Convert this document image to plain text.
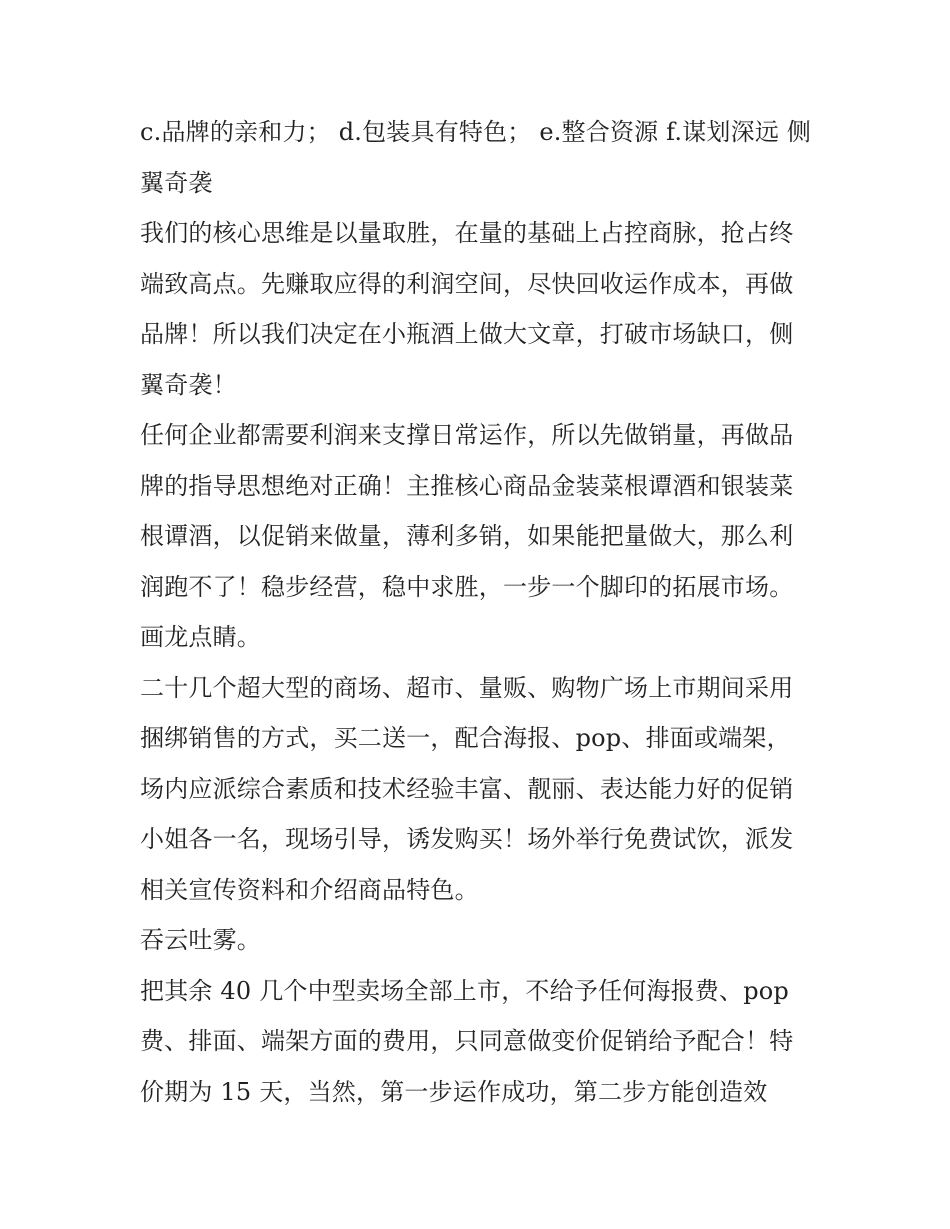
c.品牌的亲和力； d.包装具有特色； e.整合资源 f.谋划深远 侧
翼奇袭
我们的核心思维是以量取胜，在量的基础上占控商脉，抢占终
端致高点。先赚取应得的利润空间，尽快回收运作成本，再做
品牌！所以我们决定在小瓶酒上做大文章，打破市场缺口，侧
翼奇袭！
任何企业都需要利润来支撑日常运作，所以先做销量，再做品
牌的指导思想绝对正确！主推核心商品金装菜根谭酒和银装菜
根谭酒，以促销来做量，薄利多销，如果能把量做大，那么利
润跑不了！稳步经营，稳中求胜，一步一个脚印的拓展市场。
画龙点睛。
二十几个超大型的商场、超市、量贩、购物广场上市期间采用
捆绑销售的方式，买二送一，配合海报、pop、排面或端架，
场内应派综合素质和技术经验丰富、靓丽、表达能力好的促销
小姐各一名，现场引导，诱发购买！场外举行免费试饮，派发
相关宣传资料和介绍商品特色。
吞云吐雾。
把其余 40 几个中型卖场全部上市，不给予任何海报费、pop
费、排面、端架方面的费用，只同意做变价促销给予配合！特
价期为 15 天，当然，第一步运作成功，第二步方能创造效
